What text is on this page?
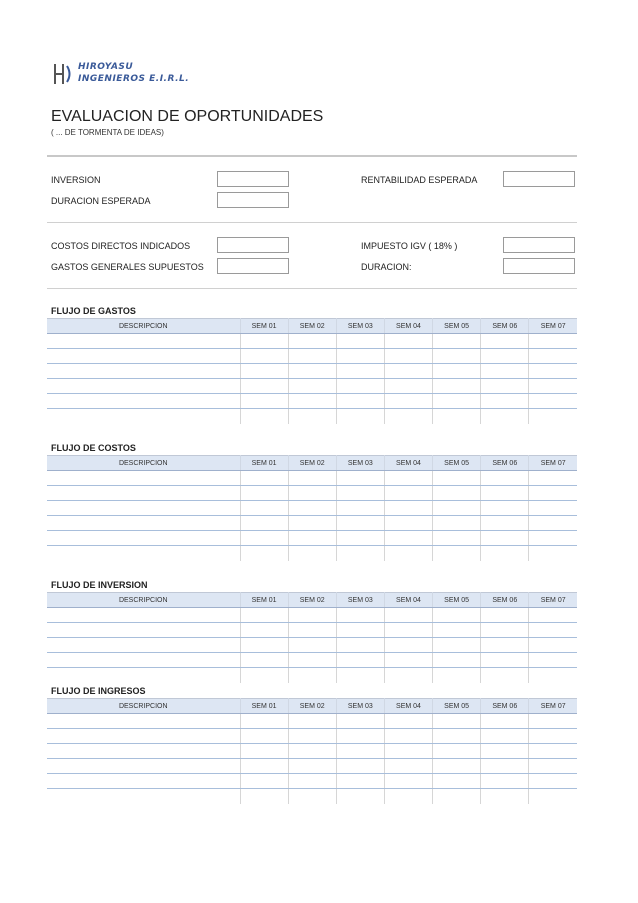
HIROYASU
INGENIEROS E.I.R.L.
EVALUACION DE OPORTUNIDADES
( ... DE TORMENTA DE IDEAS)
INVERSION	RENTABILIDAD ESPERADA
DURACION ESPERADA
COSTOS DIRECTOS INDICADOS	IMPUESTO IGV ( 18% )
GASTOS GENERALES SUPUESTOS	DURACION:
FLUJO DE GASTOS
DESCRIPCION	SEM 01	SEM 02	SEM 03	SEM 04	SEM 05	SEM 06	SEM 07

FLUJO DE COSTOS
DESCRIPCION	SEM 01	SEM 02	SEM 03	SEM 04	SEM 05	SEM 06	SEM 07

FLUJO DE INVERSION
DESCRIPCION	SEM 01	SEM 02	SEM 03	SEM 04	SEM 05	SEM 06	SEM 07

FLUJO DE INGRESOS
DESCRIPCION	SEM 01	SEM 02	SEM 03	SEM 04	SEM 05	SEM 06	SEM 07
